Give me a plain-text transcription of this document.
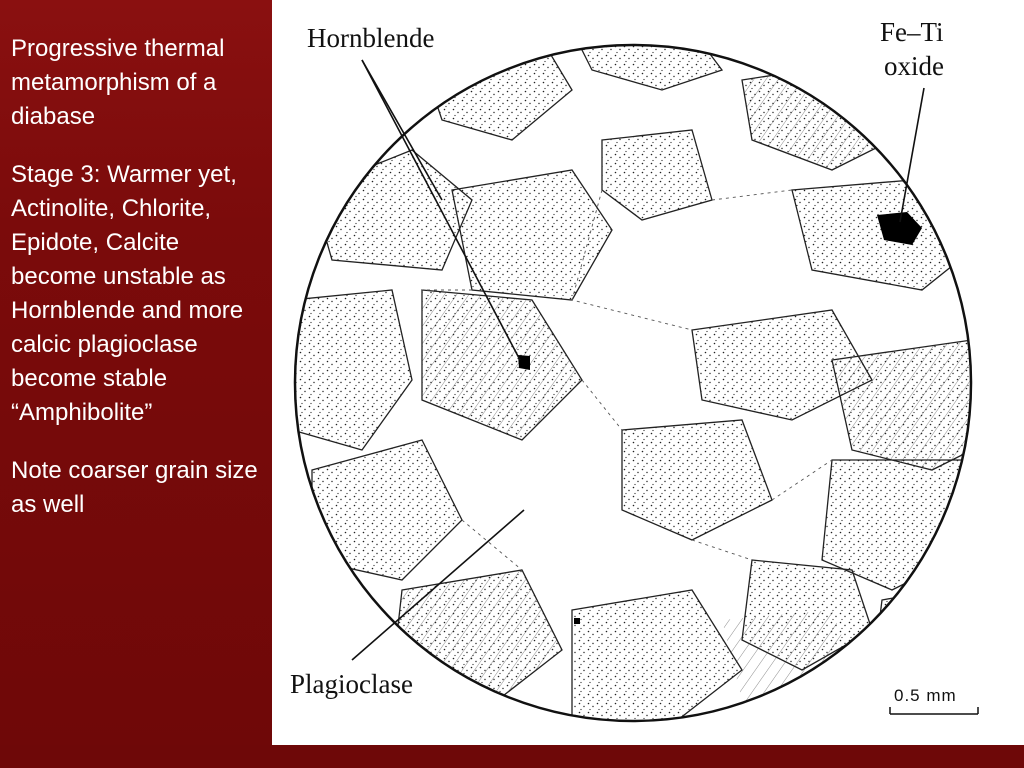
Progressive thermal metamorphism of a diabase

Stage 3: Warmer yet, Actinolite, Chlorite, Epidote, Calcite become unstable as Hornblende and more calcic plagioclase become stable “Amphibolite”

Note coarser grain size as well

Hornblende	Fe–Ti
oxide
Plagioclase	0.5 mm
